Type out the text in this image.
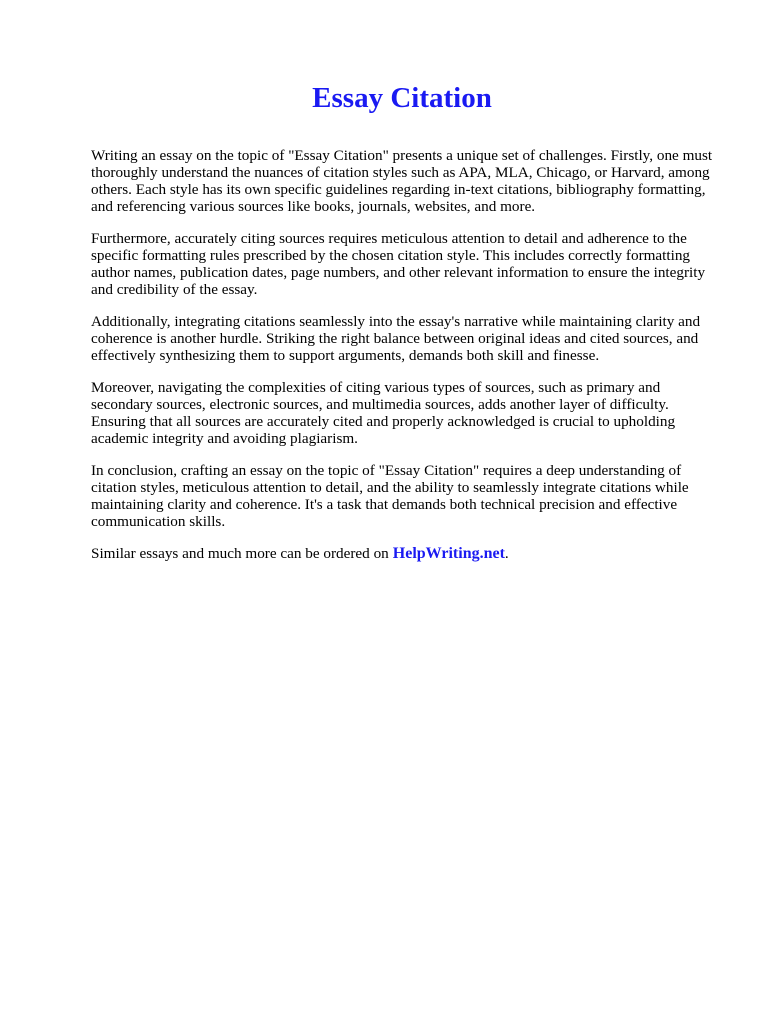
Essay Citation

Writing an essay on the topic of "Essay Citation" presents a unique set of challenges. Firstly, one must thoroughly understand the nuances of citation styles such as APA, MLA, Chicago, or Harvard, among others. Each style has its own specific guidelines regarding in-text citations, bibliography formatting, and referencing various sources like books, journals, websites, and more.

Furthermore, accurately citing sources requires meticulous attention to detail and adherence to the specific formatting rules prescribed by the chosen citation style. This includes correctly formatting author names, publication dates, page numbers, and other relevant information to ensure the integrity and credibility of the essay.

Additionally, integrating citations seamlessly into the essay's narrative while maintaining clarity and coherence is another hurdle. Striking the right balance between original ideas and cited sources, and effectively synthesizing them to support arguments, demands both skill and finesse.

Moreover, navigating the complexities of citing various types of sources, such as primary and secondary sources, electronic sources, and multimedia sources, adds another layer of difficulty. Ensuring that all sources are accurately cited and properly acknowledged is crucial to upholding academic integrity and avoiding plagiarism.

In conclusion, crafting an essay on the topic of "Essay Citation" requires a deep understanding of citation styles, meticulous attention to detail, and the ability to seamlessly integrate citations while maintaining clarity and coherence. It's a task that demands both technical precision and effective communication skills.

Similar essays and much more can be ordered on HelpWriting.net.
